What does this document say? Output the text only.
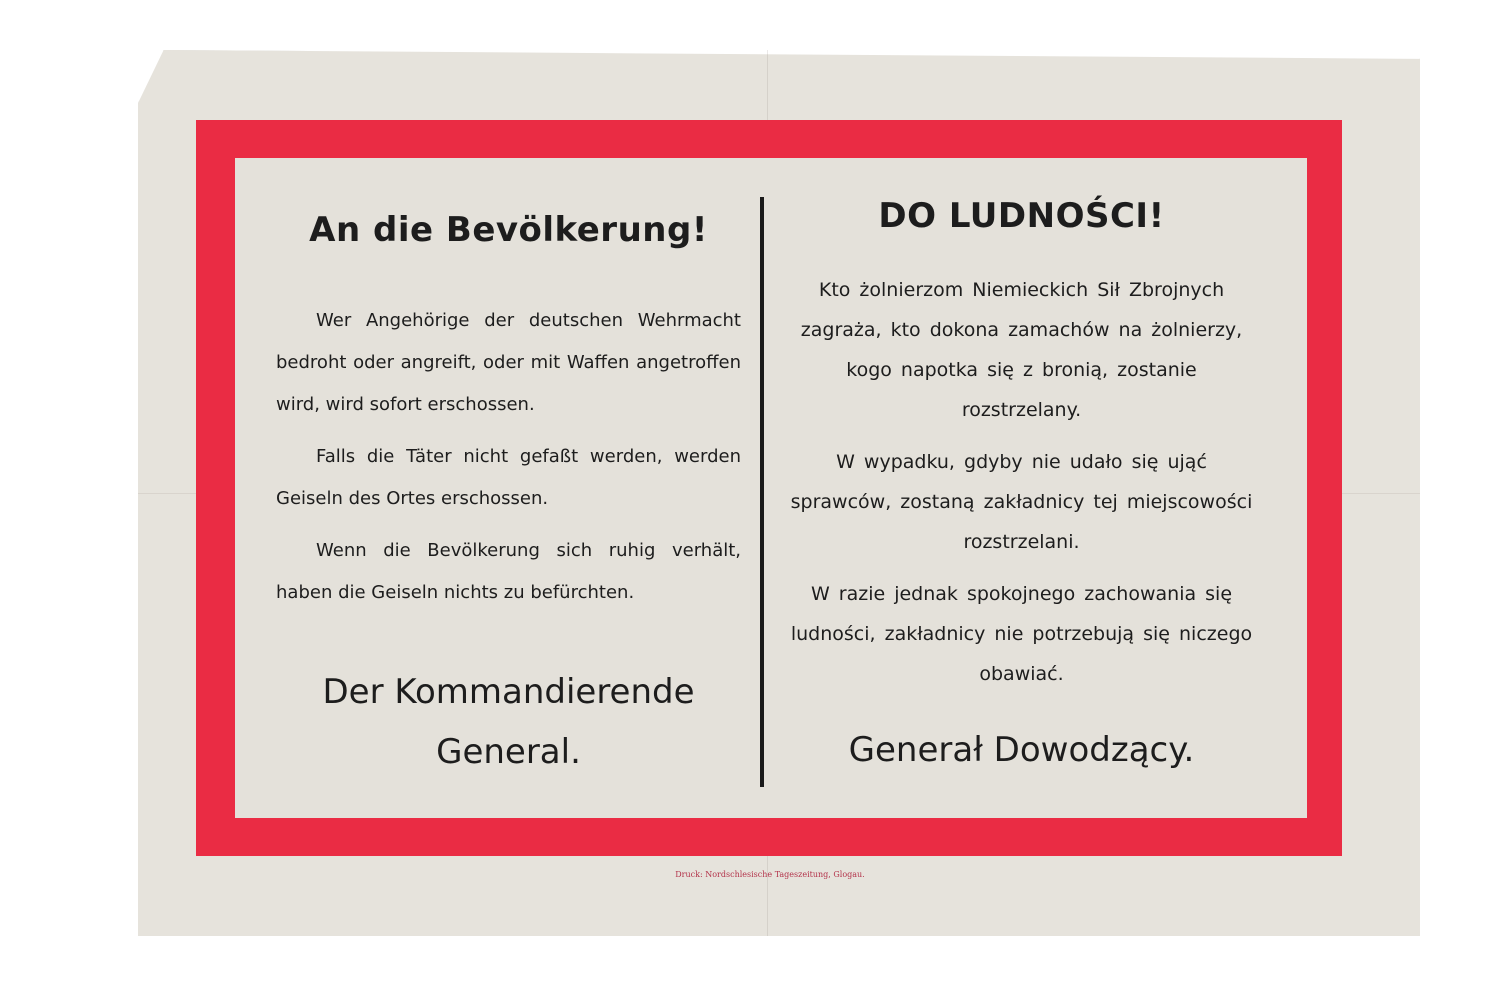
An die Bevölkerung!

Wer Angehörige der deutschen Wehrmacht bedroht oder angreift, oder mit Waffen angetroffen wird, wird sofort erschossen.

Falls die Täter nicht gefaßt werden, werden Geiseln des Ortes erschossen.

Wenn die Bevölkerung sich ruhig verhält, haben die Geiseln nichts zu befürchten.

Der Kommandierende
General.
DO LUDNOŚCI!

Kto żolnierzom Niemieckich Sił Zbrojnych zagraża, kto dokona zamachów na żolnierzy, kogo napotka się z bronią, zostanie rozstrzelany.

W wypadku, gdyby nie udało się ująć sprawców, zostaną zakładnicy tej miejscowości rozstrzelani.

W razie jednak spokojnego zachowania się ludności, zakładnicy nie potrzebują się niczego obawiać.

Generał Dowodzący.
Druck: Nordschlesische Tageszeitung, Glogau.
